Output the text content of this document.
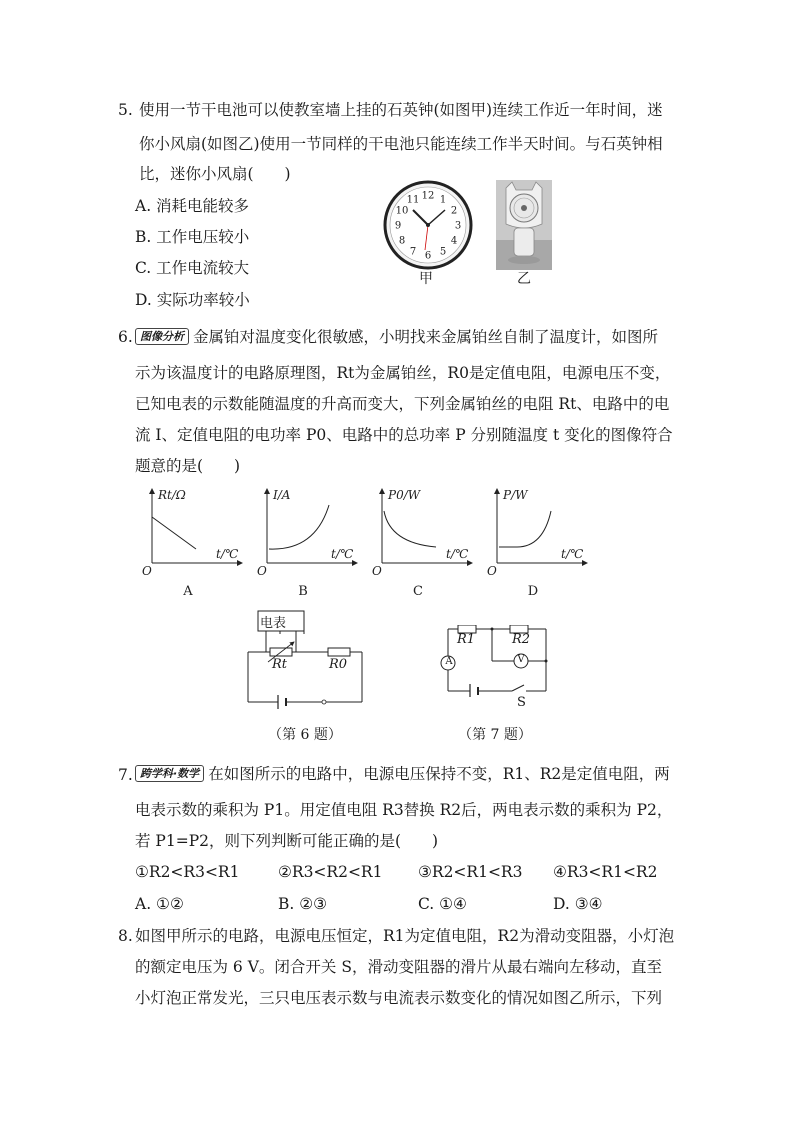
5. 使用一节干电池可以使教室墙上挂的石英钟(如图甲)连续工作近一年时间，迷
你小风扇(如图乙)使用一节同样的干电池只能连续工作半天时间。与石英钟相
比，迷你小风扇(　　)
A. 消耗电能较多
B. 工作电压较小
C. 工作电流较大
D. 实际功率较小
12 1
2
3
4
5
6
7
8
9
10
11
甲	乙
6. 图像分析 金属铂对温度变化很敏感，小明找来金属铂丝自制了温度计，如图所
示为该温度计的电路原理图，Rt为金属铂丝，R0是定值电阻，电源电压不变，
已知电表的示数能随温度的升高而变大，下列金属铂丝的电阻 Rt、电路中的电
流 I、定值电阻的电功率 P0、电路中的总功率 P 分别随温度 t 变化的图像符合
题意的是(　　)
Rt/Ω
t/℃
O
A
I/A
t/℃
O
B
P0/W
t/℃
O
C
P/W
t/℃
O
D
电表
Rt	R0
（第 6 题）
A	V
R1	R2
S
（第 7 题）
7. 跨学科·数学 在如图所示的电路中，电源电压保持不变，R1、R2是定值电阻，两
电表示数的乘积为 P1。用定值电阻 R3替换 R2后，两电表示数的乘积为 P2，
若 P1=P2，则下列判断可能正确的是(　　)
①R2<R3<R1 ②R3<R2<R1 ③R2<R1<R3 ④R3<R1<R2
A. ①②	B. ②③	C. ①④	D. ③④
8. 如图甲所示的电路，电源电压恒定，R1为定值电阻，R2为滑动变阻器，小灯泡
的额定电压为 6 V。闭合开关 S，滑动变阻器的滑片从最右端向左移动，直至
小灯泡正常发光，三只电压表示数与电流表示数变化的情况如图乙所示，下列
